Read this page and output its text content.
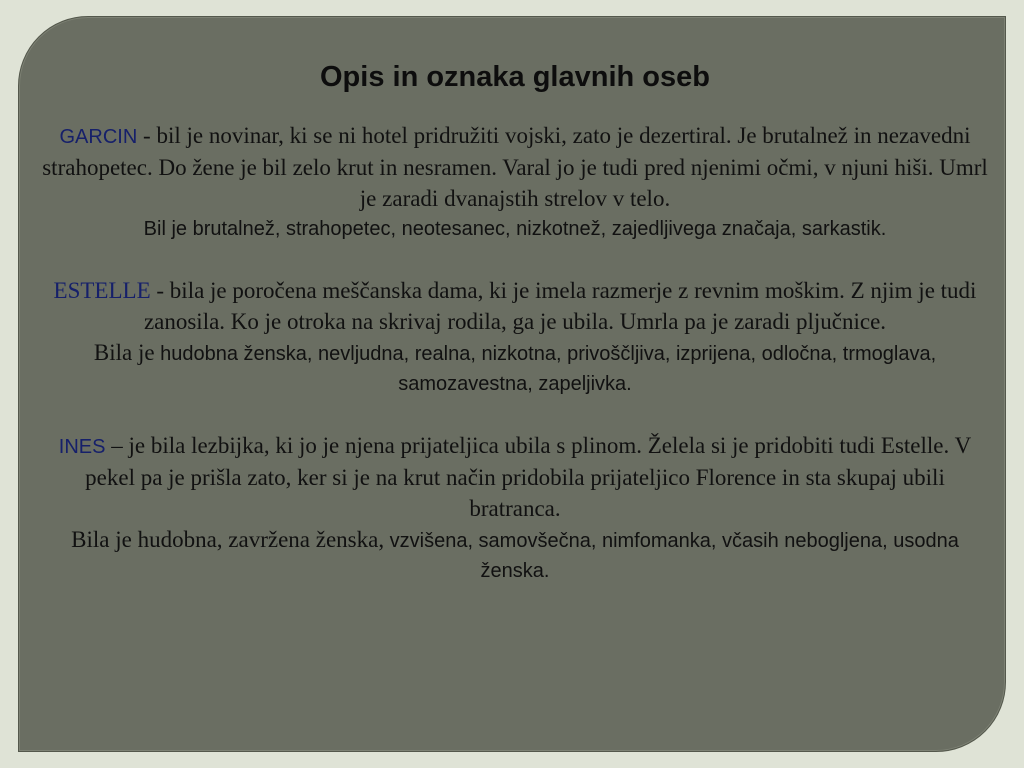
Opis in oznaka glavnih oseb
GARCIN - bil je novinar, ki se ni hotel pridružiti vojski, zato je dezertiral. Je brutalnež in nezavedni strahopetec. Do žene je bil zelo krut in nesramen. Varal jo je tudi pred njenimi očmi, v njuni hiši. Umrl je zaradi dvanajstih strelov v telo.
Bil je brutalnež, strahopetec, neotesanec, nizkotnež, zajedljivega značaja, sarkastik.
ESTELLE - bila je poročena meščanska dama, ki je imela razmerje z revnim moškim. Z njim je tudi zanosila. Ko je otroka na skrivaj rodila, ga je ubila. Umrla pa je zaradi pljučnice.
Bila je hudobna ženska, nevljudna, realna, nizkotna, privoščljiva, izprijena, odločna, trmoglava, samozavestna, zapeljivka.
INES – je bila lezbijka, ki jo je njena prijateljica ubila s plinom. Želela si je pridobiti tudi Estelle. V pekel pa je prišla zato, ker si je na krut način pridobila prijateljico Florence in sta skupaj ubili bratranca.
Bila je hudobna, zavržena ženska, vzvišena, samovšečna, nimfomanka, včasih nebogljena, usodna ženska.
